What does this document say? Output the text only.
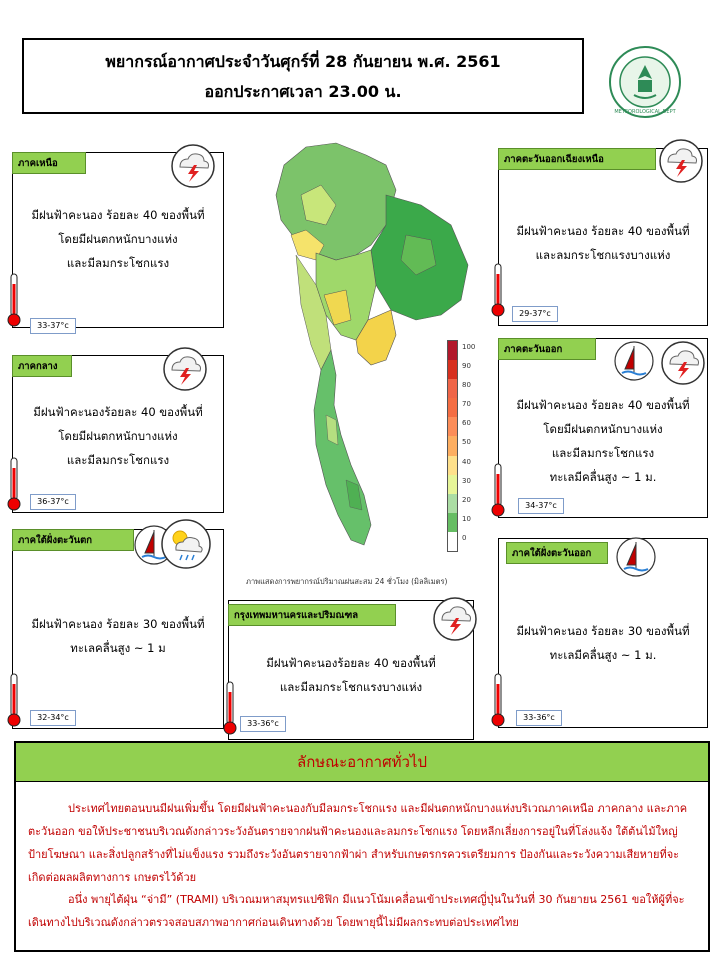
พยากรณ์อากาศประจำวันศุกร์ที่ 28 กันยายน พ.ศ. 2561
ออกประกาศเวลา 23.00 น.
METEOROLOGICAL DEPT
100
90
80
70
60
50
40
30
20
10
0
ภาพแสดงการพยากรณ์ปริมาณฝนสะสม 24 ชั่วโมง (มิลลิเมตร)
มีฝนฟ้าคะนอง ร้อยละ 40 ของพื้นที่
โดยมีฝนตกหนักบางแห่ง
และมีลมกระโชกแรง
ภาคเหนือ
มีฝนฟ้าคะนอง ร้อยละ 40 ของพื้นที่
และลมกระโชกแรงบางแห่ง
ภาคตะวันออกเฉียงเหนือ
มีฝนฟ้าคะนองร้อยละ 40 ของพื้นที่
โดยมีฝนตกหนักบางแห่ง
และมีลมกระโชกแรง
ภาคกลาง
มีฝนฟ้าคะนอง ร้อยละ 40 ของพื้นที่
โดยมีฝนตกหนักบางแห่ง
และมีลมกระโชกแรง
ทะเลมีคลื่นสูง ~ 1 ม.
ภาคตะวันออก
มีฝนฟ้าคะนอง ร้อยละ 30 ของพื้นที่
ทะเลคลื่นสูง ~ 1 ม
ภาคใต้ฝั่งตะวันตก
มีฝนฟ้าคะนองร้อยละ 40 ของพื้นที่
และมีลมกระโชกแรงบางแห่ง
กรุงเทพมหานครและปริมณฑล
มีฝนฟ้าคะนอง ร้อยละ 30 ของพื้นที่
ทะเลมีคลื่นสูง ~ 1 ม.
ภาคใต้ฝั่งตะวันออก
33-37°c
29-37°c
36-37°c	34-37°c
32-34°c
33-36°c
33-36°c
ลักษณะอากาศทั่วไป

ประเทศไทยตอนบนมีฝนเพิ่มขึ้น โดยมีฝนฟ้าคะนองกับมีลมกระโชกแรง และมีฝนตกหนักบางแห่งบริเวณภาคเหนือ ภาคกลาง และภาคตะวันออก ขอให้ประชาชนบริเวณดังกล่าวระวังอันตรายจากฝนฟ้าคะนองและลมกระโชกแรง โดยหลีกเลี่ยงการอยู่ในที่โล่งแจ้ง ใต้ต้นไม้ใหญ่ ป้ายโฆษณา และสิ่งปลูกสร้างที่ไม่แข็งแรง รวมถึงระวังอันตรายจากฟ้าผ่า สำหรับเกษตรกรควรเตรียมการ ป้องกันและระวังความเสียหายที่จะเกิดต่อผลผลิตทางการ เกษตรไว้ด้วย

อนึ่ง พายุไต้ฝุ่น “จ่ามี” (TRAMI) บริเวณมหาสมุทรแปซิฟิก มีแนวโน้มเคลื่อนเข้าประเทศญี่ปุ่นในวันที่ 30 กันยายน 2561 ขอให้ผู้ที่จะเดินทางไปบริเวณดังกล่าวตรวจสอบสภาพอากาศก่อนเดินทางด้วย โดยพายุนี้ไม่มีผลกระทบต่อประเทศไทย
